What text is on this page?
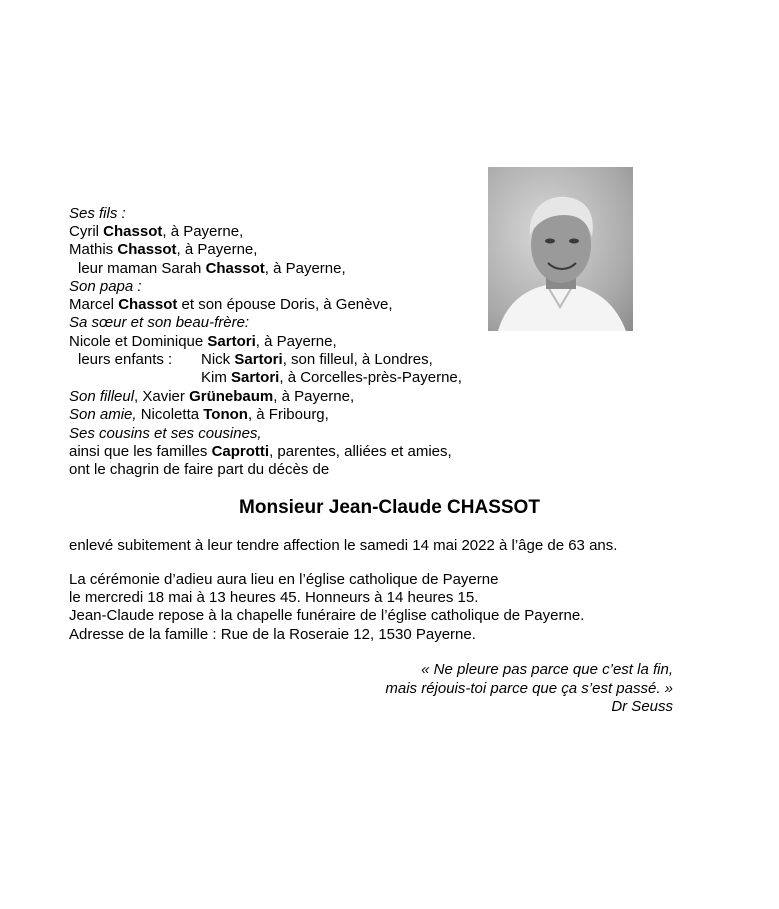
Ses fils :
Cyril Chassot, à Payerne,
Mathis Chassot, à Payerne,
leur maman Sarah Chassot, à Payerne,
Son papa :
Marcel Chassot et son épouse Doris, à Genève,
Sa sœur et son beau-frère:
Nicole et Dominique Sartori, à Payerne,
leurs enfants : Nick Sartori, son filleul, à Londres,
Kim Sartori, à Corcelles-près-Payerne,
Son filleul, Xavier Grünebaum, à Payerne,
Son amie, Nicoletta Tonon, à Fribourg,
Ses cousins et ses cousines,
ainsi que les familles Caprotti, parentes, alliées et amies,
ont le chagrin de faire part du décès de
Monsieur Jean-Claude CHASSOT
enlevé subitement à leur tendre affection le samedi 14 mai 2022 à l’âge de 63 ans.
La cérémonie d’adieu aura lieu en l’église catholique de Payerne
le mercredi 18 mai à 13 heures 45. Honneurs à 14 heures 15.
Jean-Claude repose à la chapelle funéraire de l’église catholique de Payerne.
Adresse de la famille : Rue de la Roseraie 12, 1530 Payerne.
« Ne pleure pas parce que c’est la fin,
mais réjouis-toi parce que ça s’est passé. »
Dr Seuss
